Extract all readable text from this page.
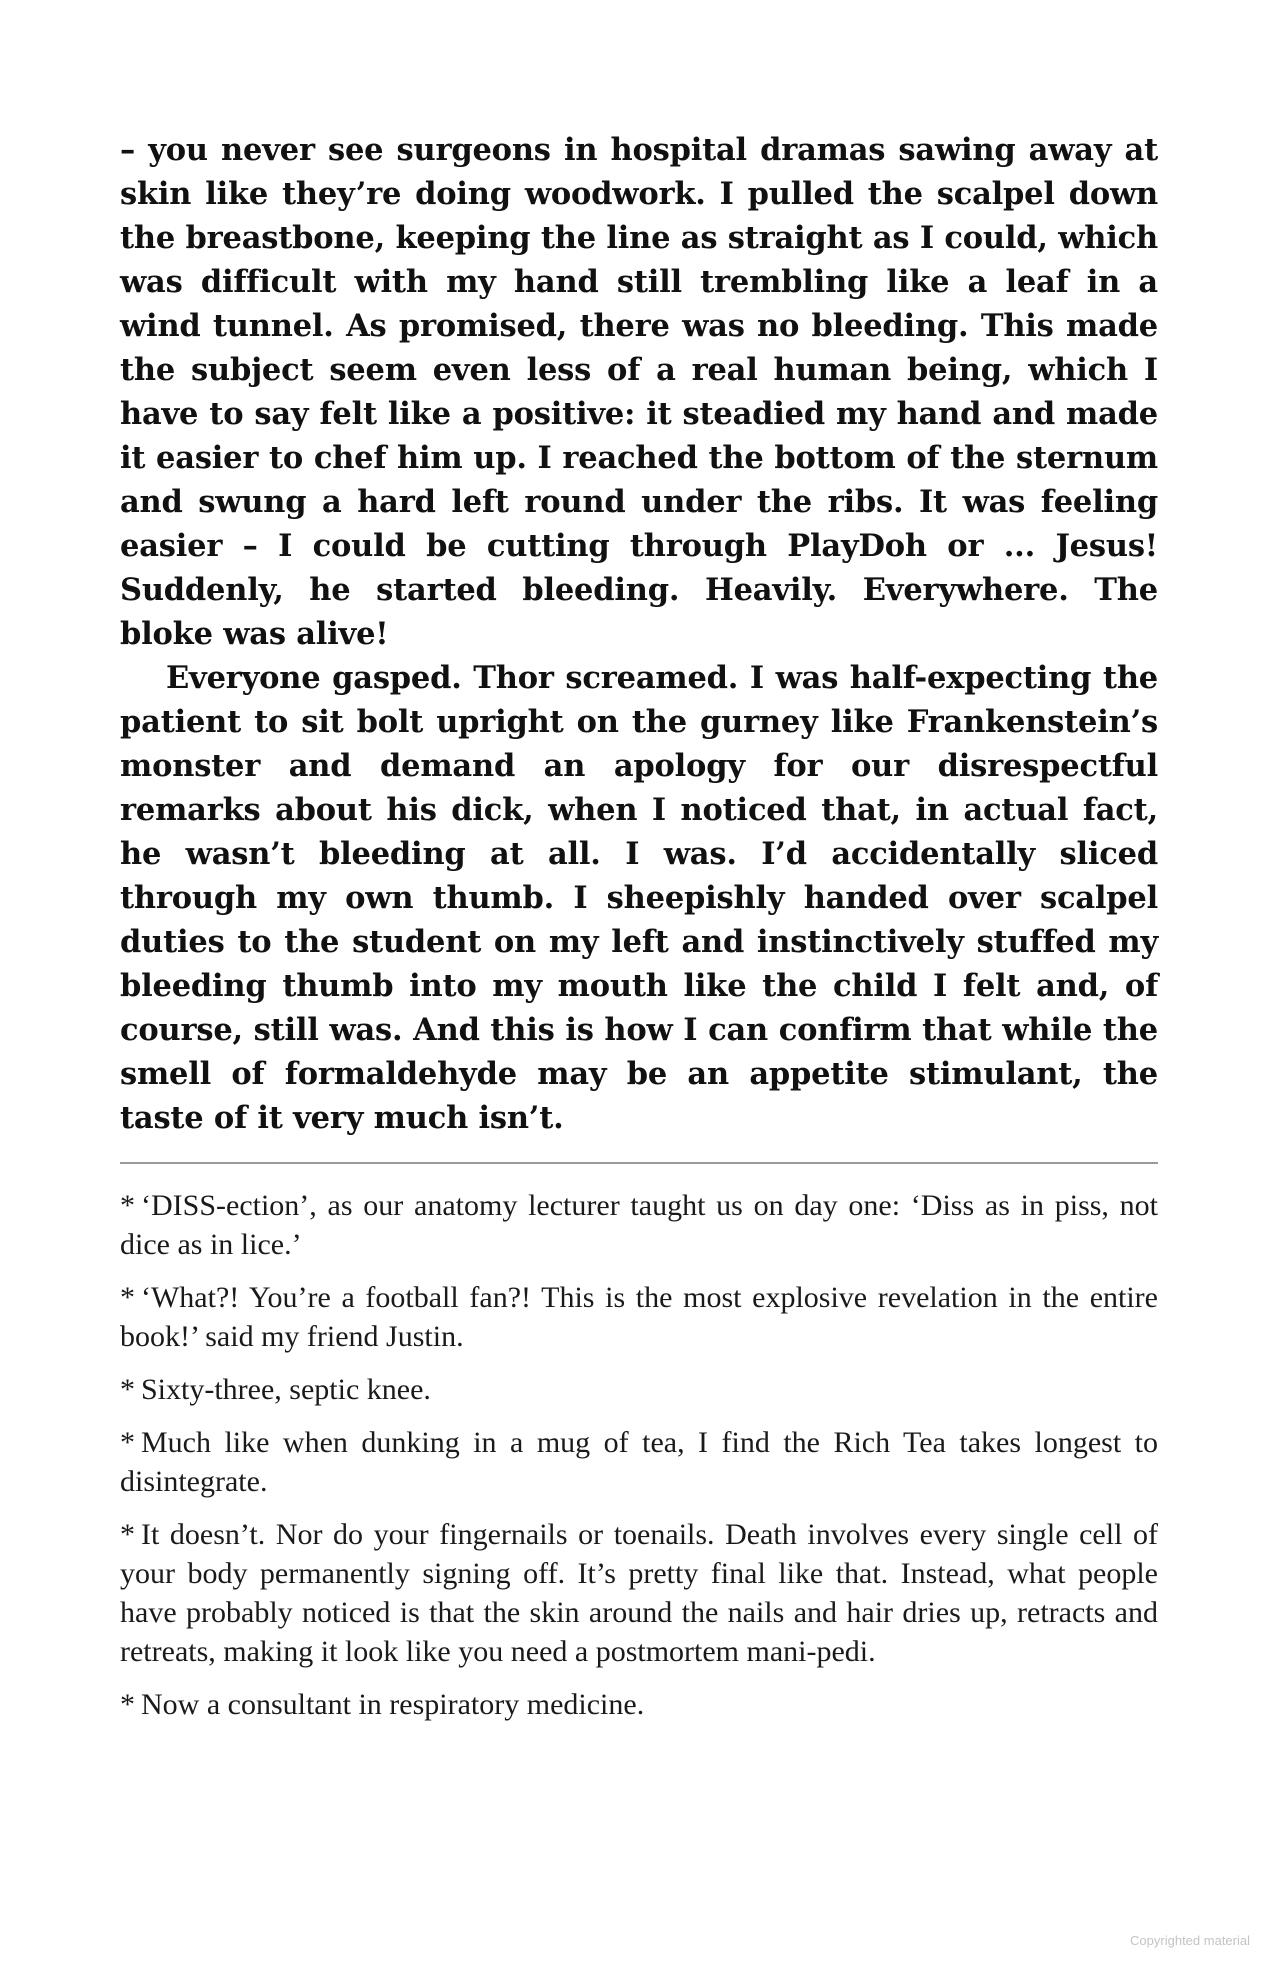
– you never see surgeons in hospital dramas sawing away at skin like they’re doing woodwork. I pulled the scalpel down the breastbone, keeping the line as straight as I could, which was difficult with my hand still trembling like a leaf in a wind tunnel. As promised, there was no bleeding. This made the subject seem even less of a real human being, which I have to say felt like a positive: it steadied my hand and made it easier to chef him up. I reached the bottom of the sternum and swung a hard left round under the ribs. It was feeling easier – I could be cutting through PlayDoh or ... Jesus! Suddenly, he started bleeding. Heavily. Everywhere. The bloke was alive!

Everyone gasped. Thor screamed. I was half-expecting the patient to sit bolt upright on the gurney like Frankenstein’s monster and demand an apology for our disrespectful remarks about his dick, when I noticed that, in actual fact, he wasn’t bleeding at all. I was. I’d accidentally sliced through my own thumb. I sheepishly handed over scalpel duties to the student on my left and instinctively stuffed my bleeding thumb into my mouth like the child I felt and, of course, still was. And this is how I can confirm that while the smell of formaldehyde may be an appetite stimulant, the taste of it very much isn’t.

* ‘DISS-ection’, as our anatomy lecturer taught us on day one: ‘Diss as in piss, not dice as in lice.’

* ‘What?! You’re a football fan?! This is the most explosive revelation in the entire book!’ said my friend Justin.

* Sixty-three, septic knee.

* Much like when dunking in a mug of tea, I find the Rich Tea takes longest to disintegrate.

* It doesn’t. Nor do your fingernails or toenails. Death involves every single cell of your body permanently signing off. It’s pretty final like that. Instead, what people have probably noticed is that the skin around the nails and hair dries up, retracts and retreats, making it look like you need a postmortem mani-pedi.

* Now a consultant in respiratory medicine.

Copyrighted material
